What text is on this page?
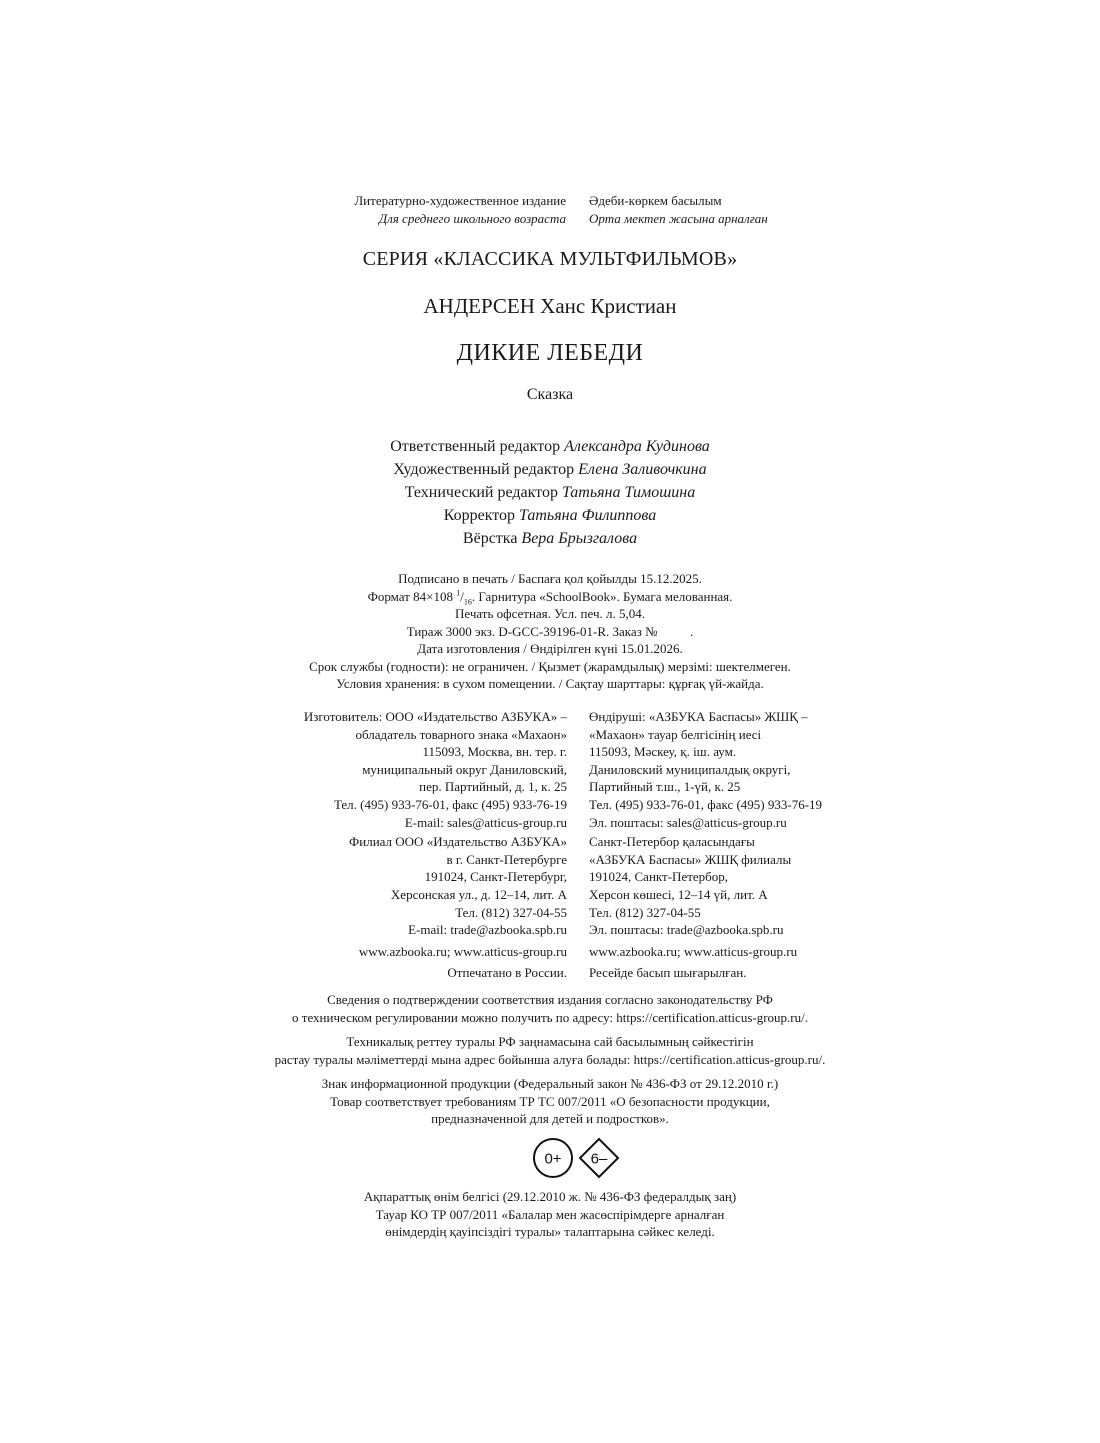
Литературно-художественное издание
Для среднего школьного возраста
Әдеби-көркем басылым
Орта мектеп жасына арналған
СЕРИЯ «КЛАССИКА МУЛЬТФИЛЬМОВ»
АНДЕРСЕН Ханс Кристиан
ДИКИЕ ЛЕБЕДИ
Сказка
Ответственный редактор Александра Кудинова
Художественный редактор Елена Заливочкина
Технический редактор Татьяна Тимошина
Корректор Татьяна Филиппова
Вёрстка Вера Брызгалова
Подписано в печать / Баспаға қол қойылды 15.12.2025.
Формат 84×108 $^1/_{16}$. Гарнитура «SchoolBook». Бумага мелованная.
Печать офсетная. Усл. печ. л. 5,04.
Тираж 3000 экз. D-GCC-39196-01-R. Заказ №          .
Дата изготовления / Өндірілген күні 15.01.2026.
Срок службы (годности): не ограничен. / Қызмет (жарамдылық) мерзімі: шектелмеген.
Условия хранения: в сухом помещении. / Сақтау шарттары: құрғақ үй-жайда.
Изготовитель: ООО «Издательство АЗБУКА» –
обладатель товарного знака «Махаон»
115093, Москва, вн. тер. г.
муниципальный округ Даниловский,
пер. Партийный, д. 1, к. 25
Тел. (495) 933-76-01, факс (495) 933-76-19
E-mail: sales@atticus-group.ru
Филиал ООО «Издательство АЗБУКА»
в г. Санкт-Петербурге
191024, Санкт-Петербург,
Херсонская ул., д. 12–14, лит. А
Тел. (812) 327-04-55
E-mail: trade@azbooka.spb.ru
www.azbooka.ru; www.atticus-group.ru
Отпечатано в России.
Өндіруші: «АЗБУКА Баспасы» ЖШҚ –
«Махаон» тауар белгісінің иесі
115093, Мәскеу, қ. іш. аум.
Даниловский муниципалдық округі,
Партийный т.ш., 1-үй, к. 25
Тел. (495) 933-76-01, факс (495) 933-76-19
Эл. поштасы: sales@atticus-group.ru
Санкт-Петербор қаласындағы
«АЗБУКА Баспасы» ЖШҚ филиалы
191024, Санкт-Петербор,
Херсон көшесі, 12–14 үй, лит. А
Тел. (812) 327-04-55
Эл. поштасы: trade@azbooka.spb.ru
www.azbooka.ru; www.atticus-group.ru
Ресейде басып шығарылған.
Сведения о подтверждении соответствия издания согласно законодательству РФ
о техническом регулировании можно получить по адресу: https://certification.atticus-group.ru/.
Техникалық реттеу туралы РФ заңнамасына сай басылымның сәйкестігін
растау туралы мәліметтерді мына адрес бойынша алуға болады: https://certification.atticus-group.ru/.
Знак информационной продукции (Федеральный закон № 436-ФЗ от 29.12.2010 г.)
Товар соответствует требованиям ТР ТС 007/2011 «О безопасности продукции,
предназначенной для детей и подростков».
0+ 6–
Ақпараттық өнім белгісі (29.12.2010 ж. № 436-ФЗ федералдық заң)
Тауар КО ТР 007/2011 «Балалар мен жасөспірімдерге арналған
өнімдердің қауіпсіздігі туралы» талаптарына сәйкес келеді.
